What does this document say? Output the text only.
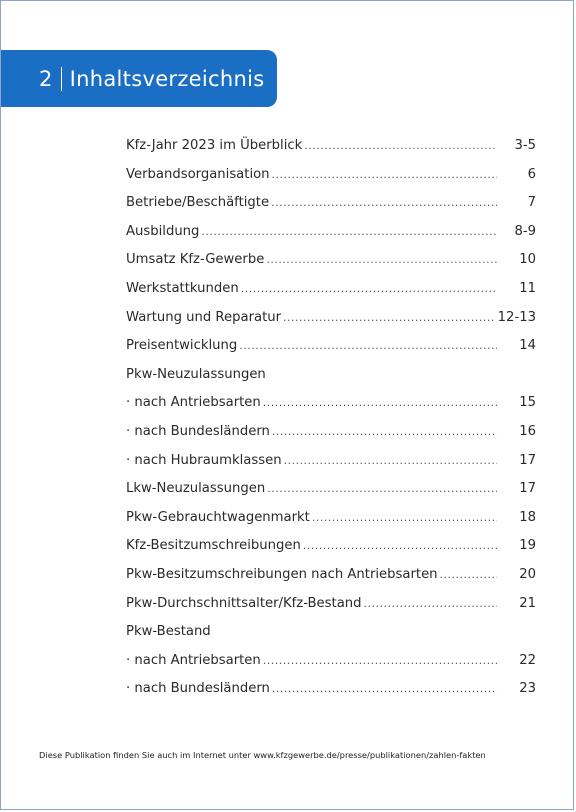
2 Inhaltsverzeichnis
Kfz-Jahr 2023 im Überblick .....	3-5
Verbandsorganisation .....	6
Betriebe/Beschäftigte .....	7
Ausbildung .....	8-9
Umsatz Kfz-Gewerbe .....	10
Werkstattkunden .....	11
Wartung und Reparatur .....	12-13
Preisentwicklung .....	14
Pkw-Neuzulassungen
· nach Antriebsarten .....	15
· nach Bundesländern .....	16
· nach Hubraumklassen .....	17
Lkw-Neuzulassungen .....	17
Pkw-Gebrauchtwagenmarkt .....	18
Kfz-Besitzumschreibungen .....	19
Pkw-Besitzumschreibungen nach Antriebsarten .....	20
Pkw-Durchschnittsalter/Kfz-Bestand .....	21
Pkw-Bestand
· nach Antriebsarten .....	22
· nach Bundesländern .....	23
Diese Publikation finden Sie auch im Internet unter www.kfzgewerbe.de/presse/publikationen/zahlen-fakten
